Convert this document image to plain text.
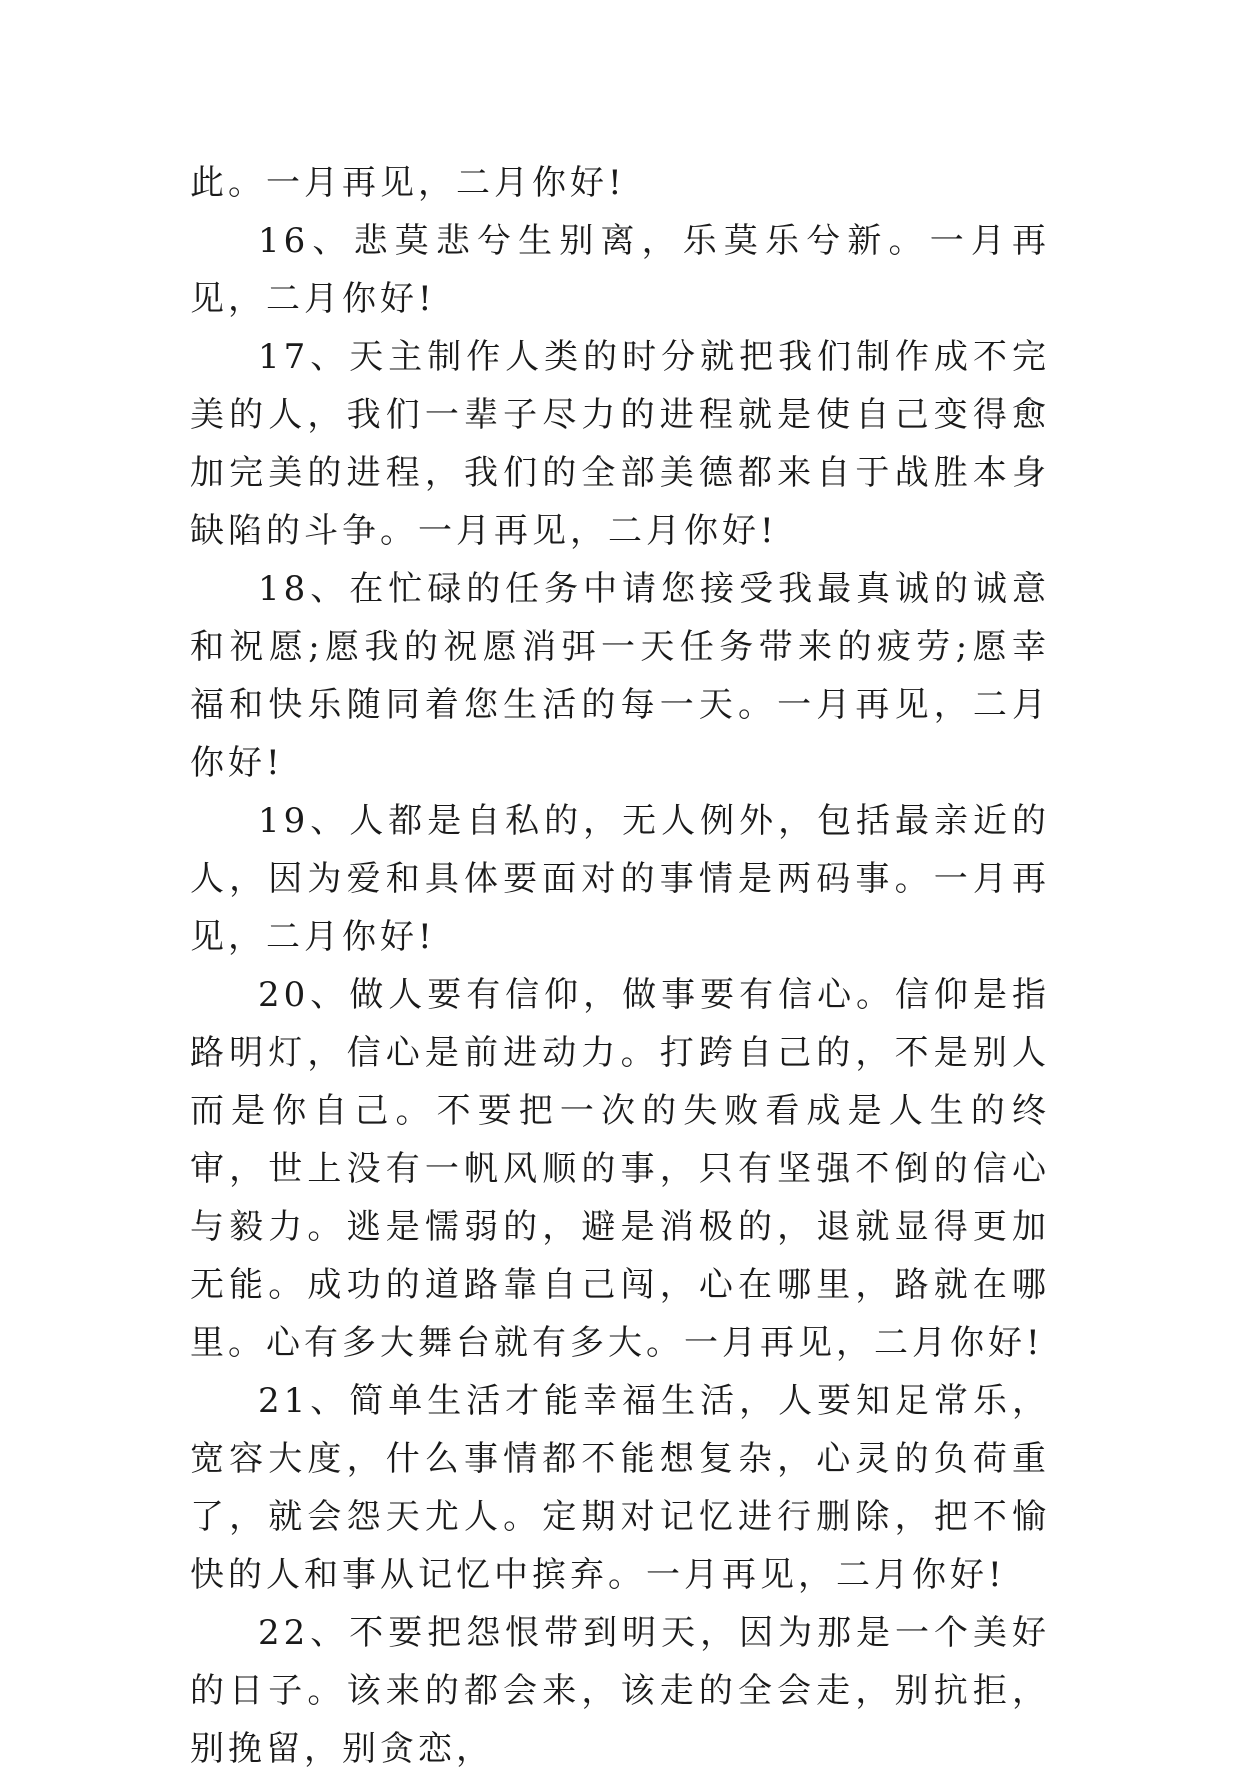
此。一月再见，二月你好!

16、悲莫悲兮生别离，乐莫乐兮新。一月再见，二月你好!

17、天主制作人类的时分就把我们制作成不完美的人，我们一辈子尽力的进程就是使自己变得愈加完美的进程，我们的全部美德都来自于战胜本身缺陷的斗争。一月再见，二月你好!

18、在忙碌的任务中请您接受我最真诚的诚意和祝愿;愿我的祝愿消弭一天任务带来的疲劳;愿幸福和快乐随同着您生活的每一天。一月再见，二月你好!

19、人都是自私的，无人例外，包括最亲近的人，因为爱和具体要面对的事情是两码事。一月再见，二月你好!

20、做人要有信仰，做事要有信心。信仰是指路明灯，信心是前进动力。打跨自己的，不是别人而是你自己。不要把一次的失败看成是人生的终审，世上没有一帆风顺的事，只有坚强不倒的信心与毅力。逃是懦弱的，避是消极的，退就显得更加无能。成功的道路靠自己闯，心在哪里，路就在哪里。心有多大舞台就有多大。一月再见，二月你好!

21、简单生活才能幸福生活，人要知足常乐，宽容大度，什么事情都不能想复杂，心灵的负荷重了，就会怨天尤人。定期对记忆进行删除，把不愉快的人和事从记忆中摈弃。一月再见，二月你好!

22、不要把怨恨带到明天，因为那是一个美好的日子。该来的都会来，该走的全会走，别抗拒，别挽留，别贪恋，
